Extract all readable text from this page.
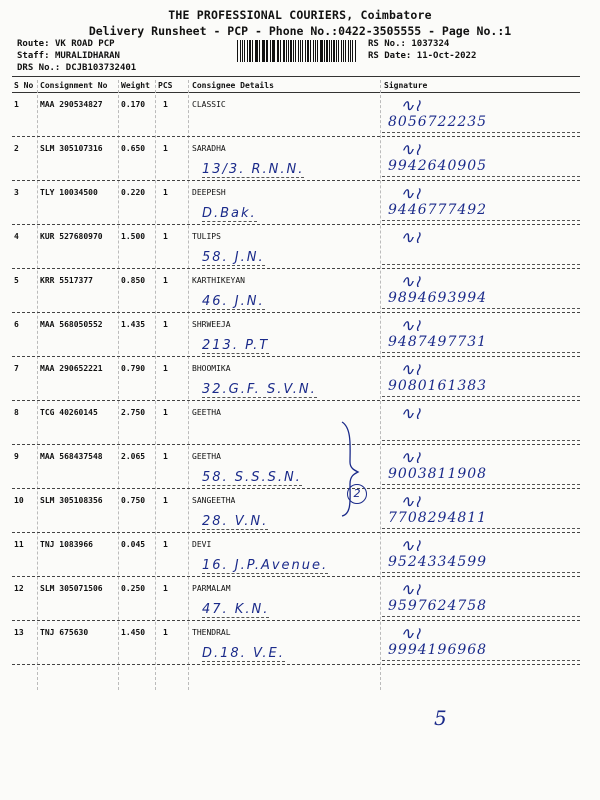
THE PROFESSIONAL COURIERS, Coimbatore
Delivery Runsheet - PCP - Phone No.:0422-3505555 - Page No.:1
Route: VK ROAD PCP
Staff: MURALIDHARAN
DRS No.: DCJB103732401
RS No.: 1037324
RS Date: 11-Oct-2022
S No Consignment No Weight PCS Consignee Details	Signature
1	MAA 290534827 0.170 1	CLASSIC
8056722235
∿≀
2	SLM 305107316 0.650 1	SARADHA
13/3. R.N.N.	9942640905
∿≀
3	TLY 10034500	0.220 1	DEEPESH
D.Bak.	9446777492
∿≀
4	KUR 527680970 1.500 1	TULIPS
58. J.N.
∿≀
5	KRR 5517377	0.850 1	KARTHIKEYAN
46. J.N.	9894693994
∿≀
6	MAA 568050552 1.435 1	SHRWEEJA
213. P.T	9487497731
∿≀
7	MAA 290652221 0.790 1	BHOOMIKA
32.G.F. S.V.N.	9080161383
∿≀
8	TCG 40260145	2.750 1	GEETHA	∿≀
9	MAA 568437548 2.065 1	GEETHA
58. S.S.S.N.	9003811908
∿≀
10 SLM 305108356 0.750 1	SANGEETHA
28. V.N.	7708294811
∿≀
11 TNJ 1083966	0.045 1	DEVI
16. J.P.Avenue.	9524334599
∿≀
12 SLM 305071506 0.250 1	PARMALAM
47. K.N.	9597624758
∿≀
13 TNJ 675630	1.450 1	THENDRAL
D.18. V.E.	9994196968
∿≀
2
5
